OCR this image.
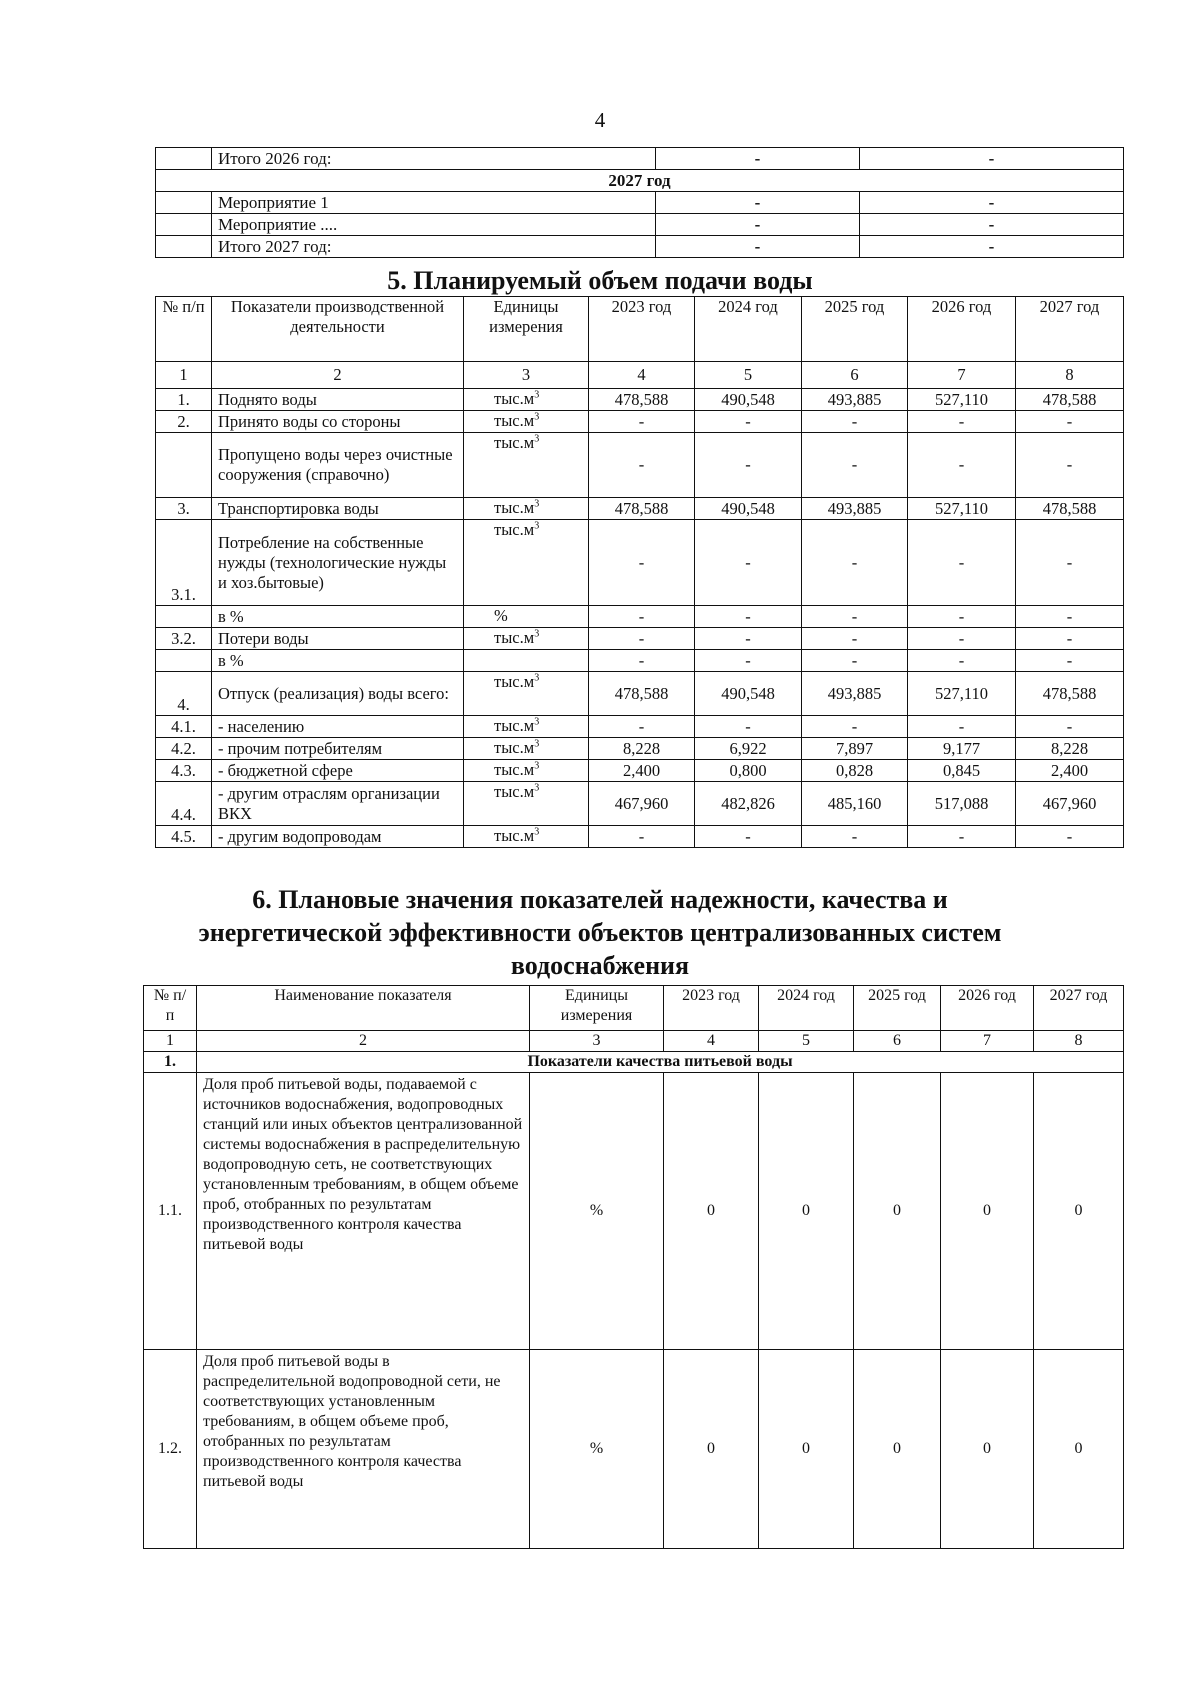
4
	Итого 2026 год:	-	-
2027 год			
	Мероприятие 1	-	-
	Мероприятие ....	-	-
	Итого 2027 год:	-	-
5. Планируемый объем подачи воды
№ п/п	Показатели производственной деятельности	Единицы измерения	2023 год	2024 год	2025 год	2026 год	2027 год
1	2	3	4	5	6	7	8
1.	Поднято воды	$тыс.м^3$	478,588	490,548	493,885	527,110	478,588
2.	Принято воды со стороны	$тыс.м^3$	-	-	-	-	-
	Пропущено воды через очистные сооружения (справочно)	$тыс.м^3$	-	-	-	-	-
3.	Транспортировка воды	$тыс.м^3$	478,588	490,548	493,885	527,110	478,588
3.1.	Потребление на собственные нужды (технологические нужды и хоз.бытовые)	$тыс.м^3$	-	-	-	-	-
	в %	%	-	-	-	-	-
3.2.	Потери воды	$тыс.м^3$	-	-	-	-	-
	в %		-	-	-	-	-
4.	Отпуск (реализация) воды всего:	$тыс.м^3$	478,588	490,548	493,885	527,110	478,588
4.1.	- населению	$тыс.м^3$	-	-	-	-	-
4.2.	- прочим потребителям	$тыс.м^3$	8,228	6,922	7,897	9,177	8,228
4.3.	- бюджетной сфере	$тыс.м^3$	2,400	0,800	0,828	0,845	2,400
4.4.	- другим отраслям организации ВКХ	$тыс.м^3$	467,960	482,826	485,160	517,088	467,960
4.5.	- другим водопроводам	$тыс.м^3$	-	-	-	-	-
6. Плановые значения показателей надежности, качества и
энергетической эффективности объектов централизованных систем
водоснабжения
№ п/п	Наименование показателя	Единицы измерения	2023 год	2024 год	2025 год	2026 год	2027 год
1	2	3	4	5	6	7	8
1.	Показатели качества питьевой воды						
1.1.	Доля проб питьевой воды, подаваемой с источников водоснабжения, водопроводных станций или иных объектов централизованной системы водоснабжения в распределительную водопроводную сеть, не соответствующих установленным требованиям, в общем объеме проб, отобранных по результатам производственного контроля качества питьевой воды	%	0	0	0	0	0
1.2.	Доля проб питьевой воды в распределительной водопроводной сети, не соответствующих установленным требованиям, в общем объеме проб, отобранных по результатам производственного контроля качества питьевой воды	%	0	0	0	0	0
